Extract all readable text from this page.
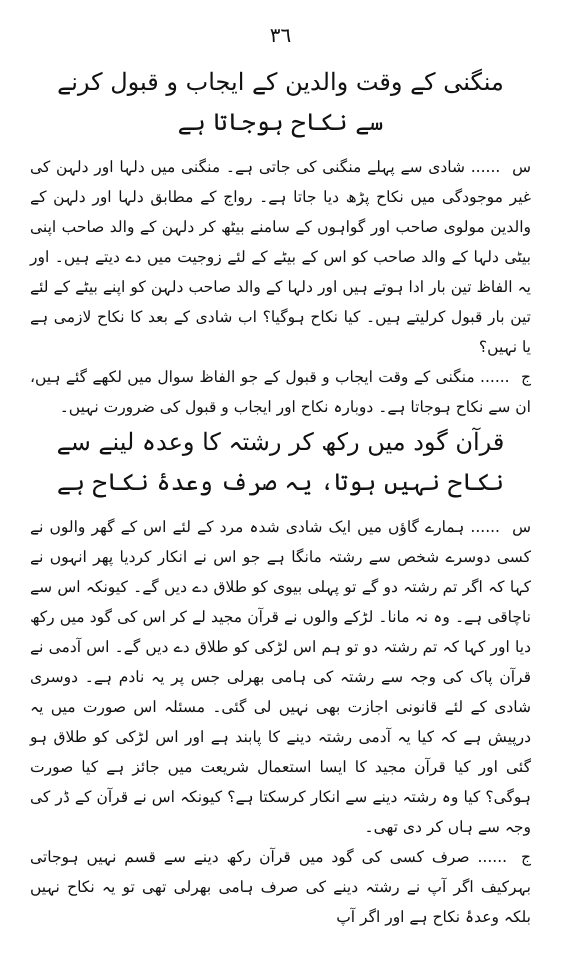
٣٦
منگنی کے وقت والدین کے ایجاب و قبول کرنے
سے نکاح ہوجاتا ہے

س ...... شادی سے پہلے منگنی کی جاتی ہے۔ منگنی میں دلہا اور دلہن کی غیر موجودگی میں نکاح پڑھ دیا جاتا ہے۔ رواج کے مطابق دلہا اور دلہن کے والدین مولوی صاحب اور گواہوں کے سامنے بیٹھ کر دلہن کے والد صاحب اپنی بیٹی دلہا کے والد صاحب کو اس کے بیٹے کے لئے زوجیت میں دے دیتے ہیں۔ اور یہ الفاظ تین بار ادا ہوتے ہیں اور دلہا کے والد صاحب دلہن کو اپنے بیٹے کے لئے تین بار قبول کرلیتے ہیں۔ کیا نکاح ہوگیا؟ اب شادی کے بعد کا نکاح لازمی ہے یا نہیں؟

ج ...... منگنی کے وقت ایجاب و قبول کے جو الفاظ سوال میں لکھے گئے ہیں، ان سے نکاح ہوجاتا ہے۔ دوبارہ نکاح اور ایجاب و قبول کی ضرورت نہیں۔

قرآن گود میں رکھ کر رشتہ کا وعدہ لینے سے
نکاح نہیں ہوتا، یہ صرف وعدۂ نکاح ہے

س ...... ہمارے گاؤں میں ایک شادی شدہ مرد کے لئے اس کے گھر والوں نے کسی دوسرے شخص سے رشتہ مانگا ہے جو اس نے انکار کردیا پھر انہوں نے کہا کہ اگر تم رشتہ دو گے تو پہلی بیوی کو طلاق دے دیں گے۔ کیونکہ اس سے ناچاقی ہے۔ وہ نہ مانا۔ لڑکے والوں نے قرآن مجید لے کر اس کی گود میں رکھ دیا اور کہا کہ تم رشتہ دو تو ہم اس لڑکی کو طلاق دے دیں گے۔ اس آدمی نے قرآن پاک کی وجہ سے رشتہ کی ہامی بھرلی جس پر یہ نادم ہے۔ دوسری شادی کے لئے قانونی اجازت بھی نہیں لی گئی۔ مسئلہ اس صورت میں یہ درپیش ہے کہ کیا یہ آدمی رشتہ دینے کا پابند ہے اور اس لڑکی کو طلاق ہو گئی اور کیا قرآن مجید کا ایسا استعمال شریعت میں جائز ہے کیا صورت ہوگی؟ کیا وہ رشتہ دینے سے انکار کرسکتا ہے؟ کیونکہ اس نے قرآن کے ڈر کی وجہ سے ہاں کر دی تھی۔

ج ...... صرف کسی کی گود میں قرآن رکھ دینے سے قسم نہیں ہوجاتی بہرکیف اگر آپ نے رشتہ دینے کی صرف ہامی بھرلی تھی تو یہ نکاح نہیں بلکہ وعدۂ نکاح ہے اور اگر آپ
